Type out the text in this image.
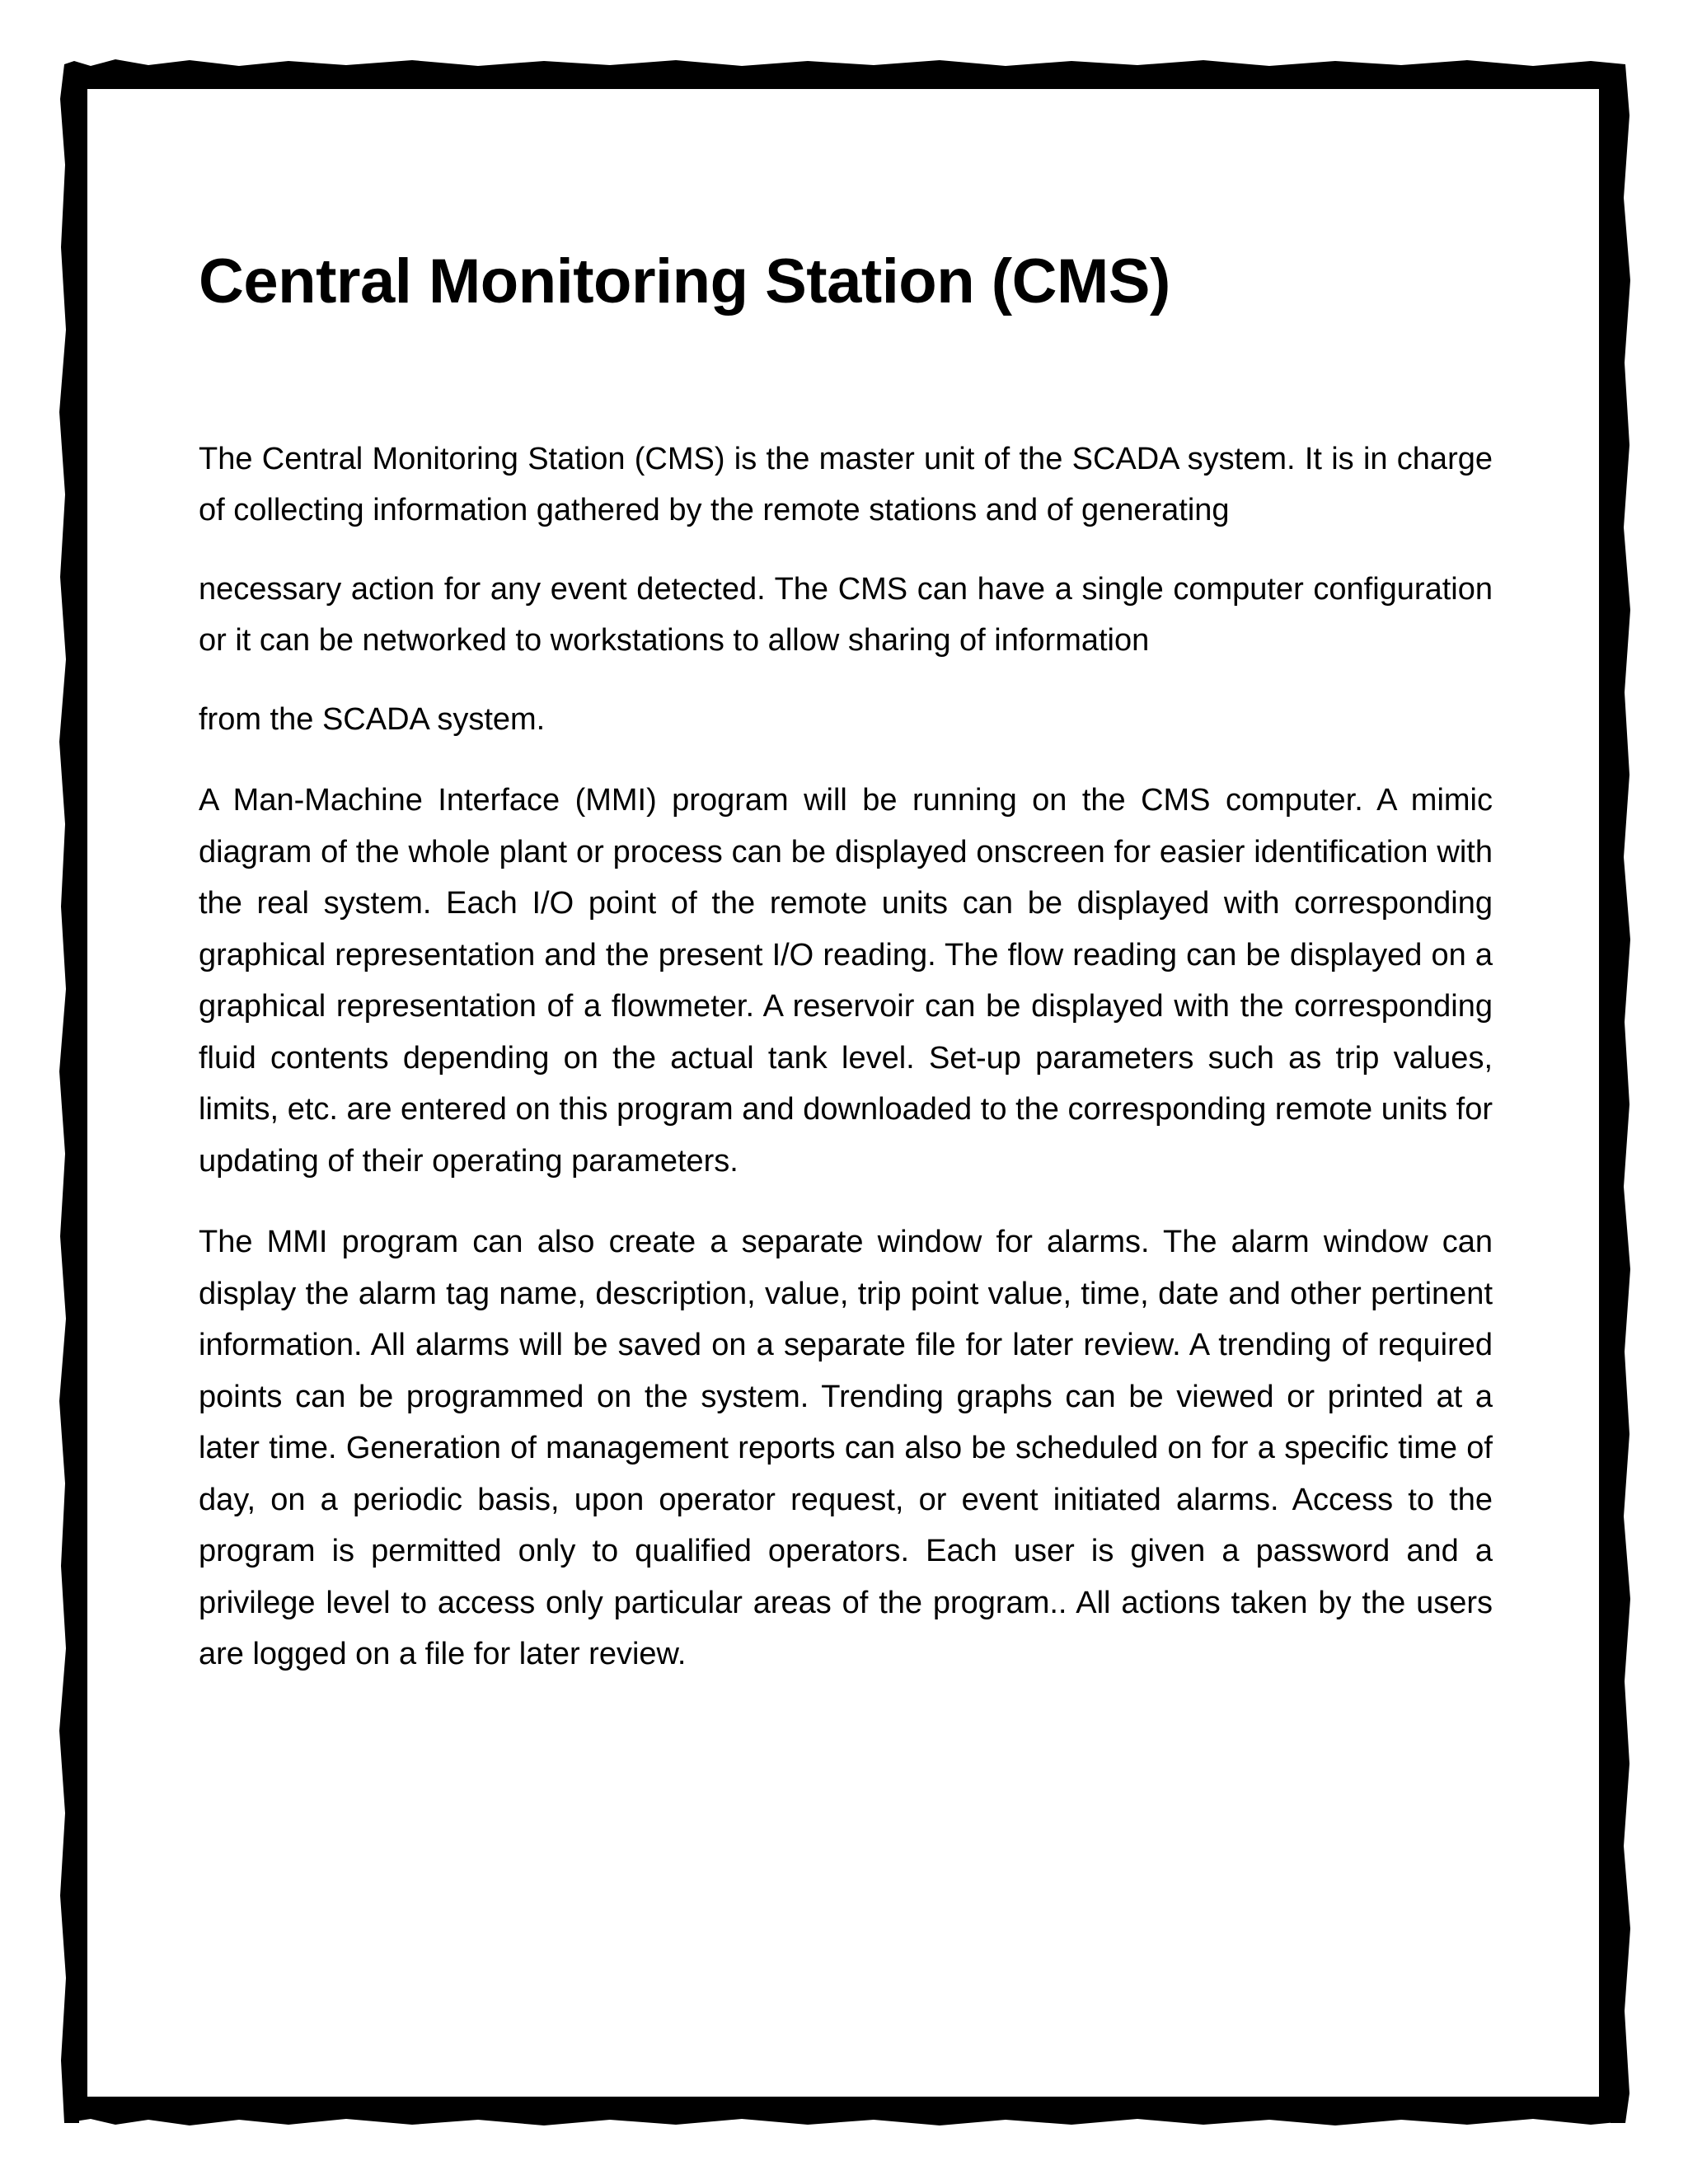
Central Monitoring Station (CMS)

The Central Monitoring Station (CMS) is the master unit of the SCADA system. It is in charge of collecting information gathered by the remote stations and of generating

necessary action for any event detected. The CMS can have a single computer configuration or it can be networked to workstations to allow sharing of information

from the SCADA system.

A Man-Machine Interface (MMI) program will be running on the CMS computer. A mimic diagram of the whole plant or process can be displayed onscreen for easier identification with the real system. Each I/O point of the remote units can be displayed with corresponding graphical representation and the present I/O reading. The flow reading can be displayed on a graphical representation of a flowmeter. A reservoir can be displayed with the corresponding fluid contents depending on the actual tank level. Set-up parameters such as trip values, limits, etc. are entered on this program and downloaded to the corresponding remote units for updating of their operating parameters.

The MMI program can also create a separate window for alarms. The alarm window can display the alarm tag name, description, value, trip point value, time, date and other pertinent information. All alarms will be saved on a separate file for later review. A trending of required points can be programmed on the system. Trending graphs can be viewed or printed at a later time. Generation of management reports can also be scheduled on for a specific time of day, on a periodic basis, upon operator request, or event initiated alarms. Access to the program is permitted only to qualified operators. Each user is given a password and a privilege level to access only particular areas of the program.. All actions taken by the users are logged on a file for later review.
